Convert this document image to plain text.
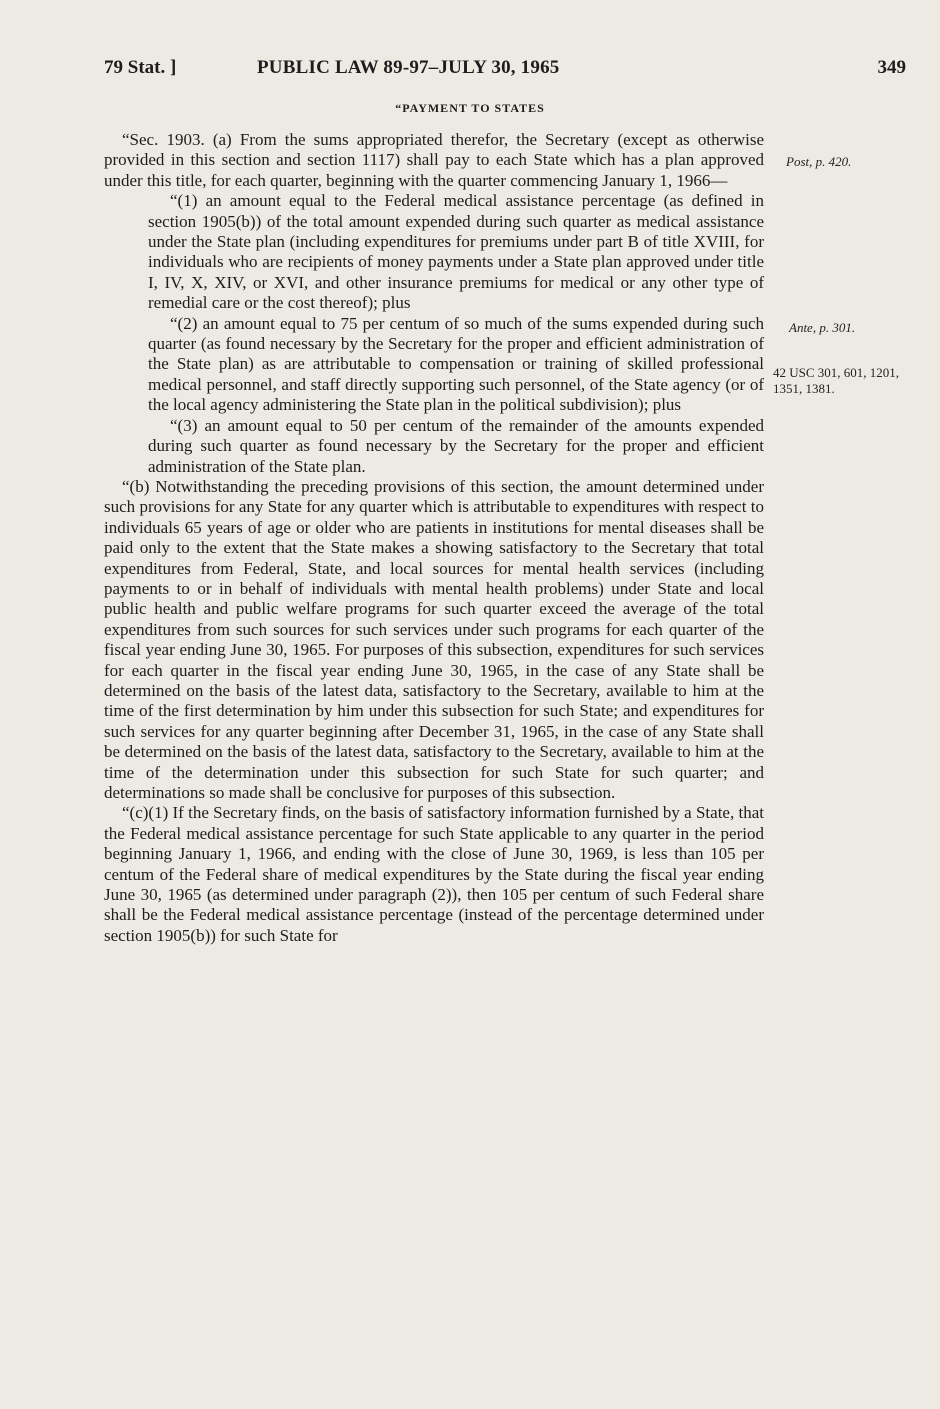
79 Stat. ]	PUBLIC LAW 89-97–JULY 30, 1965	349
“PAYMENT TO STATES

“Sec. 1903. (a) From the sums appropriated therefor, the Secretary (except as otherwise provided in this section and section 1117) shall pay to each State which has a plan approved under this title, for each quarter, beginning with the quarter commencing January 1, 1966—

“(1) an amount equal to the Federal medical assistance percentage (as defined in section 1905(b)) of the total amount expended during such quarter as medical assistance under the State plan (including expenditures for premiums under part B of title XVIII, for individuals who are recipients of money payments under a State plan approved under title I, IV, X, XIV, or XVI, and other insurance premiums for medical or any other type of remedial care or the cost thereof); plus

“(2) an amount equal to 75 per centum of so much of the sums expended during such quarter (as found necessary by the Secretary for the proper and efficient administration of the State plan) as are attributable to compensation or training of skilled professional medical personnel, and staff directly supporting such personnel, of the State agency (or of the local agency administering the State plan in the political subdivision); plus

“(3) an amount equal to 50 per centum of the remainder of the amounts expended during such quarter as found necessary by the Secretary for the proper and efficient administration of the State plan.

“(b) Notwithstanding the preceding provisions of this section, the amount determined under such provisions for any State for any quarter which is attributable to expenditures with respect to individuals 65 years of age or older who are patients in institutions for mental diseases shall be paid only to the extent that the State makes a showing satisfactory to the Secretary that total expenditures from Federal, State, and local sources for mental health services (including payments to or in behalf of individuals with mental health problems) under State and local public health and public welfare programs for such quarter exceed the average of the total expenditures from such sources for such services under such programs for each quarter of the fiscal year ending June 30, 1965. For purposes of this subsection, expenditures for such services for each quarter in the fiscal year ending June 30, 1965, in the case of any State shall be determined on the basis of the latest data, satisfactory to the Secretary, available to him at the time of the first determination by him under this subsection for such State; and expenditures for such services for any quarter beginning after December 31, 1965, in the case of any State shall be determined on the basis of the latest data, satisfactory to the Secretary, available to him at the time of the determination under this subsection for such State for such quarter; and determinations so made shall be conclusive for purposes of this subsection.

“(c)(1) If the Secretary finds, on the basis of satisfactory information furnished by a State, that the Federal medical assistance percentage for such State applicable to any quarter in the period beginning January 1, 1966, and ending with the close of June 30, 1969, is less than 105 per centum of the Federal share of medical expenditures by the State during the fiscal year ending June 30, 1965 (as determined under paragraph (2)), then 105 per centum of such Federal share shall be the Federal medical assistance percentage (instead of the percentage determined under section 1905(b)) for such State for

Post, p. 420.
Ante, p. 301.
42 USC 301, 601, 1201, 1351, 1381.
